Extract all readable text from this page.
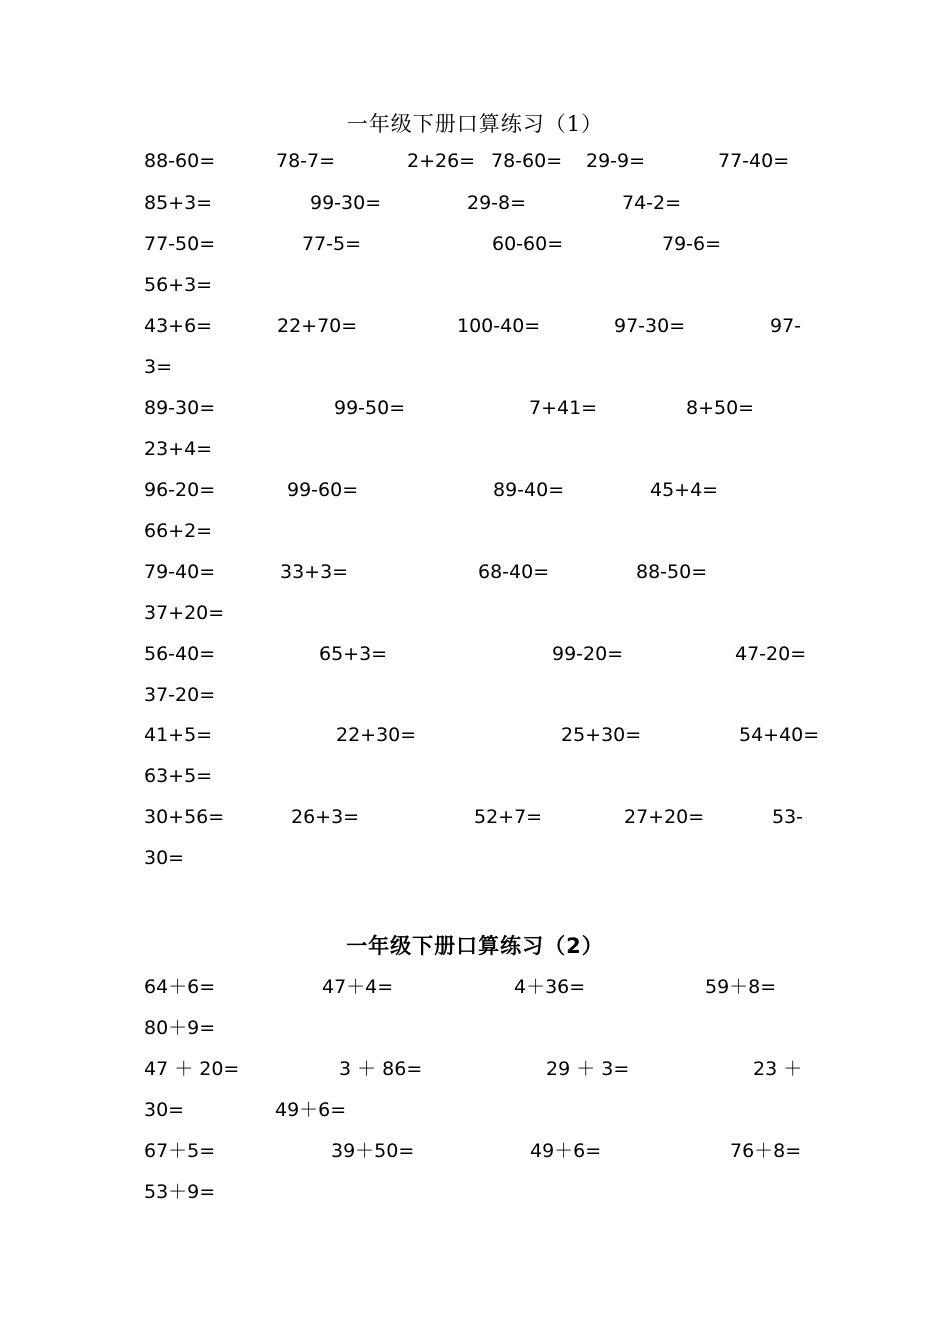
一年级下册口算练习（1）
88-60=	78-7=	2+26= 78-60= 29-9=	77-40=
85+3=	99-30=	29-8=	74-2=
77-50=	77-5=	60-60=	79-6=
56+3=
43+6=	22+70=	100-40=	97-30=	97-
3=
89-30=	99-50=	7+41=	8+50=
23+4=
96-20=	99-60=	89-40=	45+4=
66+2=
79-40=	33+3=	68-40=	88-50=
37+20=
56-40=	65+3=	99-20=	47-20=
37-20=
41+5=	22+30=	25+30=	54+40=
63+5=
30+56=	26+3=	52+7=	27+20=	53-
30=
一年级下册口算练习（2）
64＋6=	47＋4=	4＋36=	59＋8=
80＋9=
47 ＋ 20=	3 ＋ 86=	29 ＋ 3=	23 ＋
30=	49＋6=
67＋5=	39＋50=	49＋6=	76＋8=
53＋9=
